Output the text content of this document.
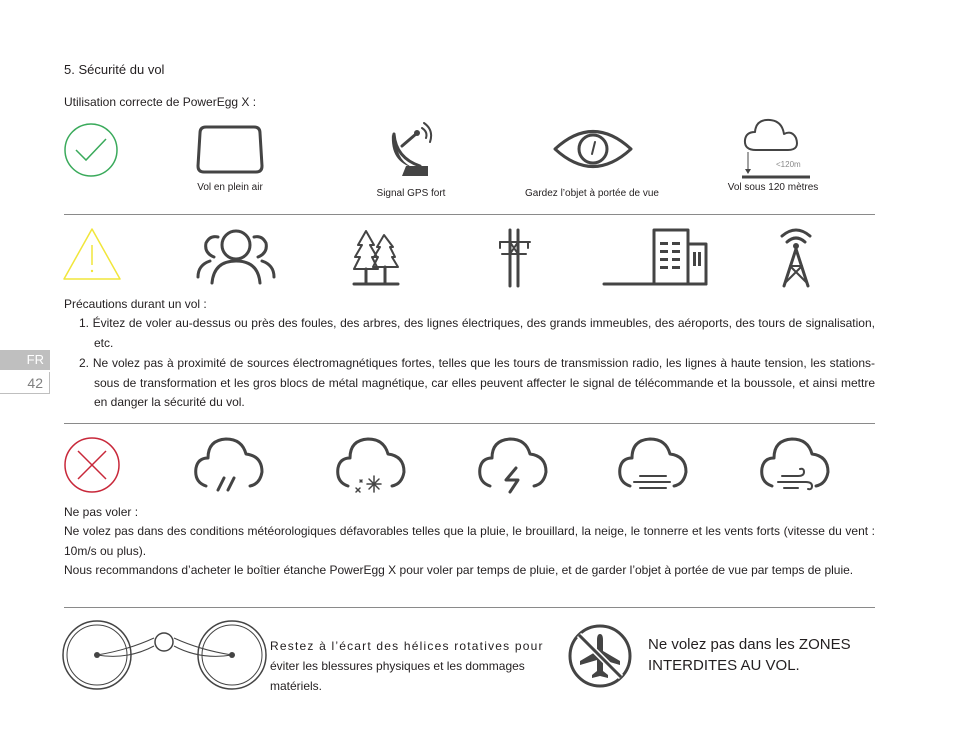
5. Sécurité du vol
Utilisation correcte de PowerEgg X :
Vol en plein air
Signal GPS fort	Gardez l’objet à portée de vue
<120m
Vol sous 120 mètres
Précautions durant un vol :
1. Évitez de voler au-dessus ou près des foules, des arbres, des lignes électriques, des grands immeubles, des aéroports, des tours de signalisation, etc.
2. Ne volez pas à proximité de sources électromagnétiques fortes, telles que les tours de transmission radio, les lignes à haute tension, les stations-sous de transformation et les gros blocs de métal magnétique, car elles peuvent affecter le signal de télécommande et la boussole, et ainsi mettre en danger la sécurité du vol.
FR
42
Ne pas voler :
Ne volez pas dans des conditions météorologiques défavorables telles que la pluie, le brouillard, la neige, le tonnerre et les vents forts (vitesse du vent : 10m/s ou plus).
Nous recommandons d’acheter le boîtier étanche PowerEgg X pour voler par temps de pluie, et de garder l’objet à portée de vue par temps de pluie.
Restez à l’écart des hélices rotatives pour
éviter les blessures physiques et les dommages
matériels.
Ne volez pas dans les ZONES
INTERDITES AU VOL.
